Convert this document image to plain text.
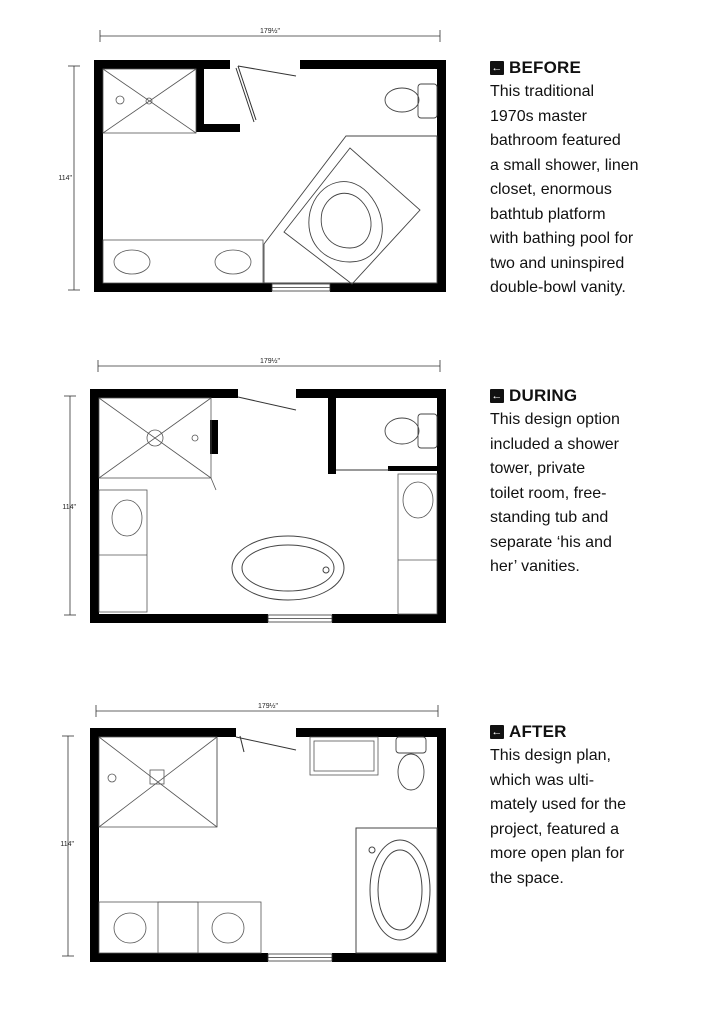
179½"
114"
179½"
114"
179½"
114"
← BEFORE
This traditional
1970s master
bathroom featured
a small shower, linen
closet, enormous
bathtub platform
with bathing pool for
two and uninspired
double-bowl vanity.
← DURING
This design option
included a shower
tower, private
toilet room, free-
standing tub and
separate ‘his and
her’ vanities.
← AFTER
This design plan,
which was ulti-
mately used for the
project, featured a
more open plan for
the space.
